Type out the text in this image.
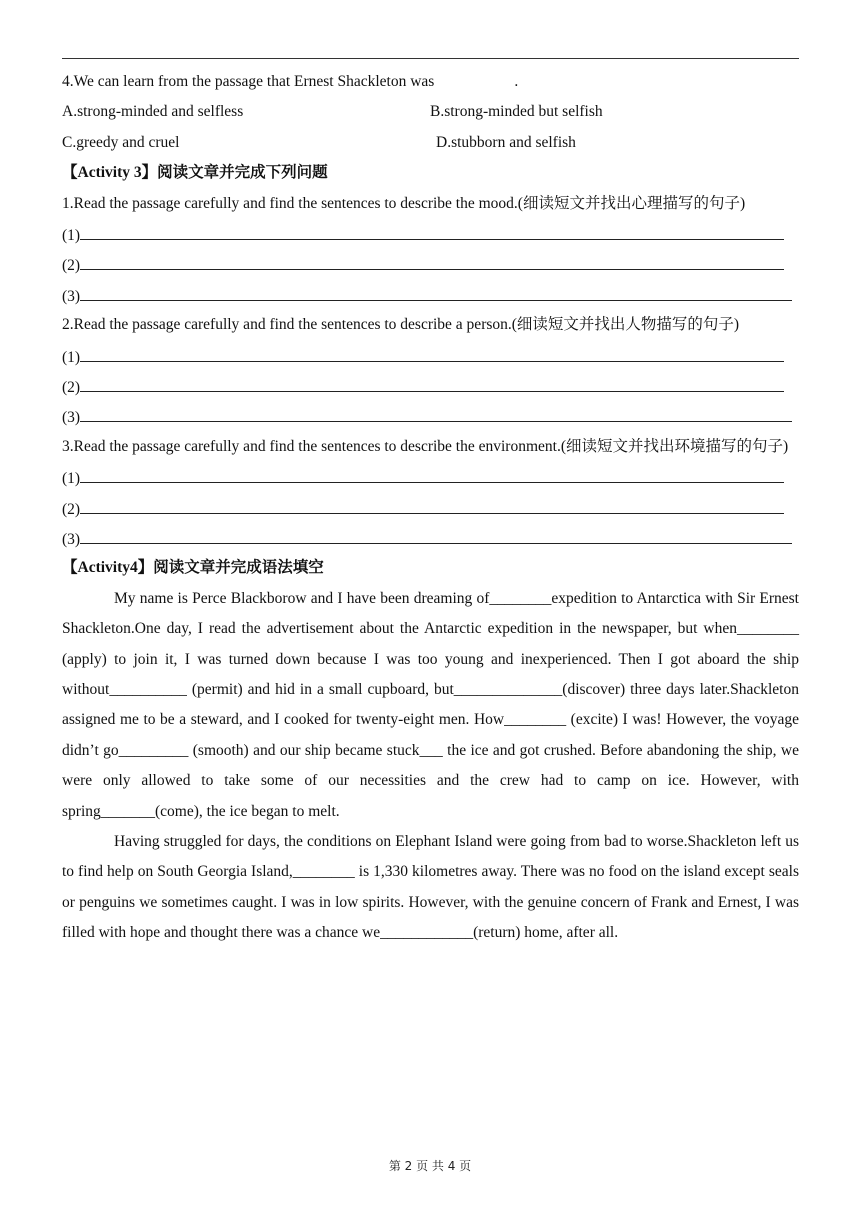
4.We can learn from the passage that Ernest Shackleton was	.
A.strong-minded and selfless	B.strong-minded but selfish
C.greedy and cruel	D.stubborn and selfish
【Activity 3】阅读文章并完成下列问题
1.Read the passage carefully and find the sentences to describe the mood.(细读短文并找出心理描写的句子)
(1)
(2)
(3)
2.Read the passage carefully and find the sentences to describe a person.(细读短文并找出人物描写的句子)
(1)
(2)
(3)
3.Read the passage carefully and find the sentences to describe the environment.(细读短文并找出环境描写的句子)
(1)
(2)
(3)
【Activity4】阅读文章并完成语法填空

My name is Perce Blackborow and I have been dreaming of________expedition to Antarctica with Sir Ernest Shackleton.One day, I read the advertisement about the Antarctic expedition in the newspaper, but when________ (apply) to join it, I was turned down because I was too young and inexperienced. Then I got aboard the ship without__________ (permit) and hid in a small cupboard, but______________(discover) three days later.Shackleton assigned me to be a steward, and I cooked for twenty-eight men. How________ (excite) I was! However, the voyage didn’t go_________ (smooth) and our ship became stuck___ the ice and got crushed. Before abandoning the ship, we were only allowed to take some of our necessities and the crew had to camp on ice. However, with spring_______(come), the ice began to melt.

Having struggled for days, the conditions on Elephant Island were going from bad to worse.Shackleton left us to find help on South Georgia Island,________ is 1,330 kilometres away. There was no food on the island except seals or penguins we sometimes caught. I was in low spirits. However, with the genuine concern of Frank and Ernest, I was filled with hope and thought there was a chance we____________(return) home, after all.

第 2 页 共 4 页
